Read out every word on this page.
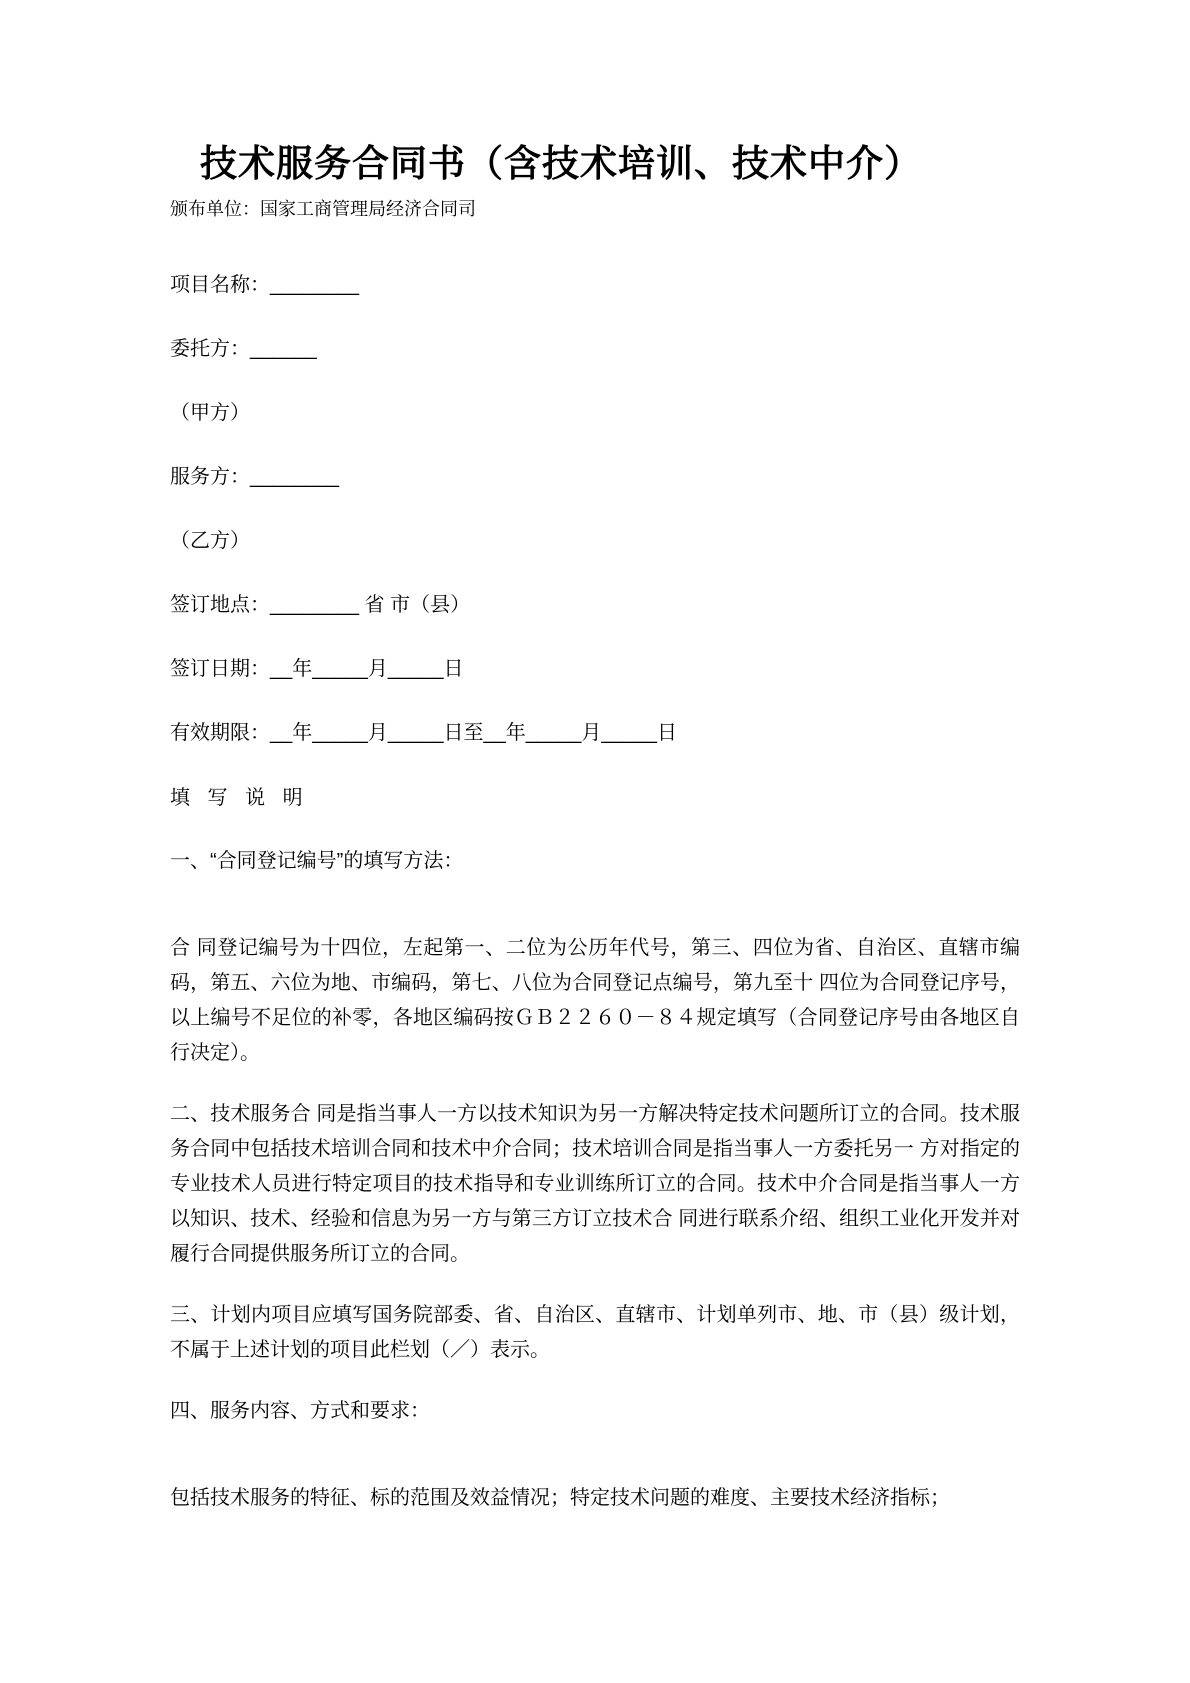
技术服务合同书（含技术培训、技术中介）
颁布单位：国家工商管理局经济合同司
项目名称：________
委托方：______
（甲方）
服务方：________
（乙方）
签订地点：________ 省 市（县）
签订日期：__年_____月_____日
有效期限：__年_____月_____日至__年_____月_____日
填 写 说 明
一、“合同登记编号”的填写方法：

合 同登记编号为十四位，左起第一、二位为公历年代号，第三、四位为省、自治区、直辖市编码，第五、六位为地、市编码，第七、八位为合同登记点编号，第九至十 四位为合同登记序号，以上编号不足位的补零，各地区编码按ＧＢ２２６０－８４规定填写（合同登记序号由各地区自行决定）。

二、技术服务合 同是指当事人一方以技术知识为另一方解决特定技术问题所订立的合同。技术服务合同中包括技术培训合同和技术中介合同；技术培训合同是指当事人一方委托另一 方对指定的专业技术人员进行特定项目的技术指导和专业训练所订立的合同。技术中介合同是指当事人一方以知识、技术、经验和信息为另一方与第三方订立技术合 同进行联系介绍、组织工业化开发并对履行合同提供服务所订立的合同。

三、计划内项目应填写国务院部委、省、自治区、直辖市、计划单列市、地、市（县）级计划，不属于上述计划的项目此栏划（／）表示。

四、服务内容、方式和要求：

包括技术服务的特征、标的范围及效益情况；特定技术问题的难度、主要技术经济指标；
